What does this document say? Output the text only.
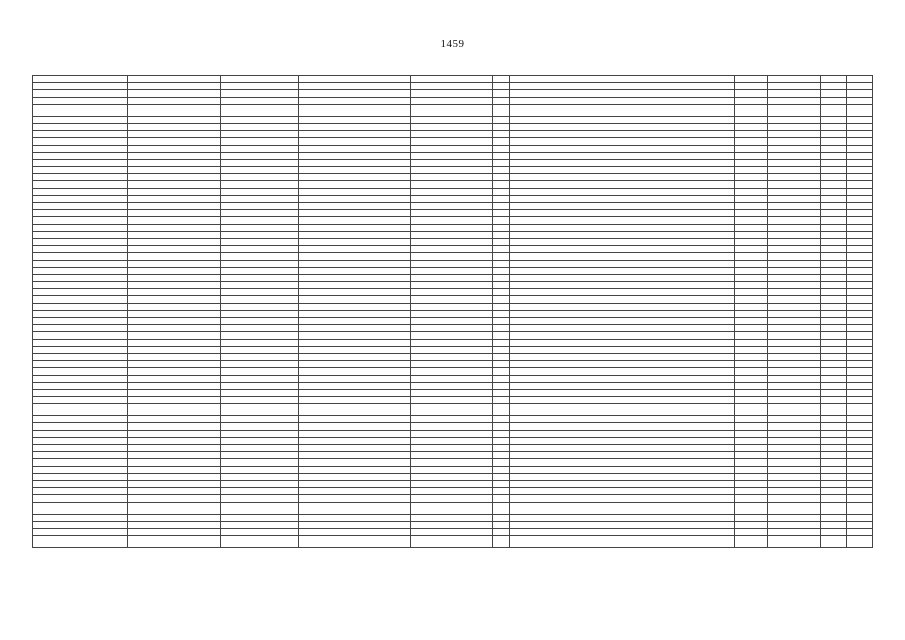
1459
